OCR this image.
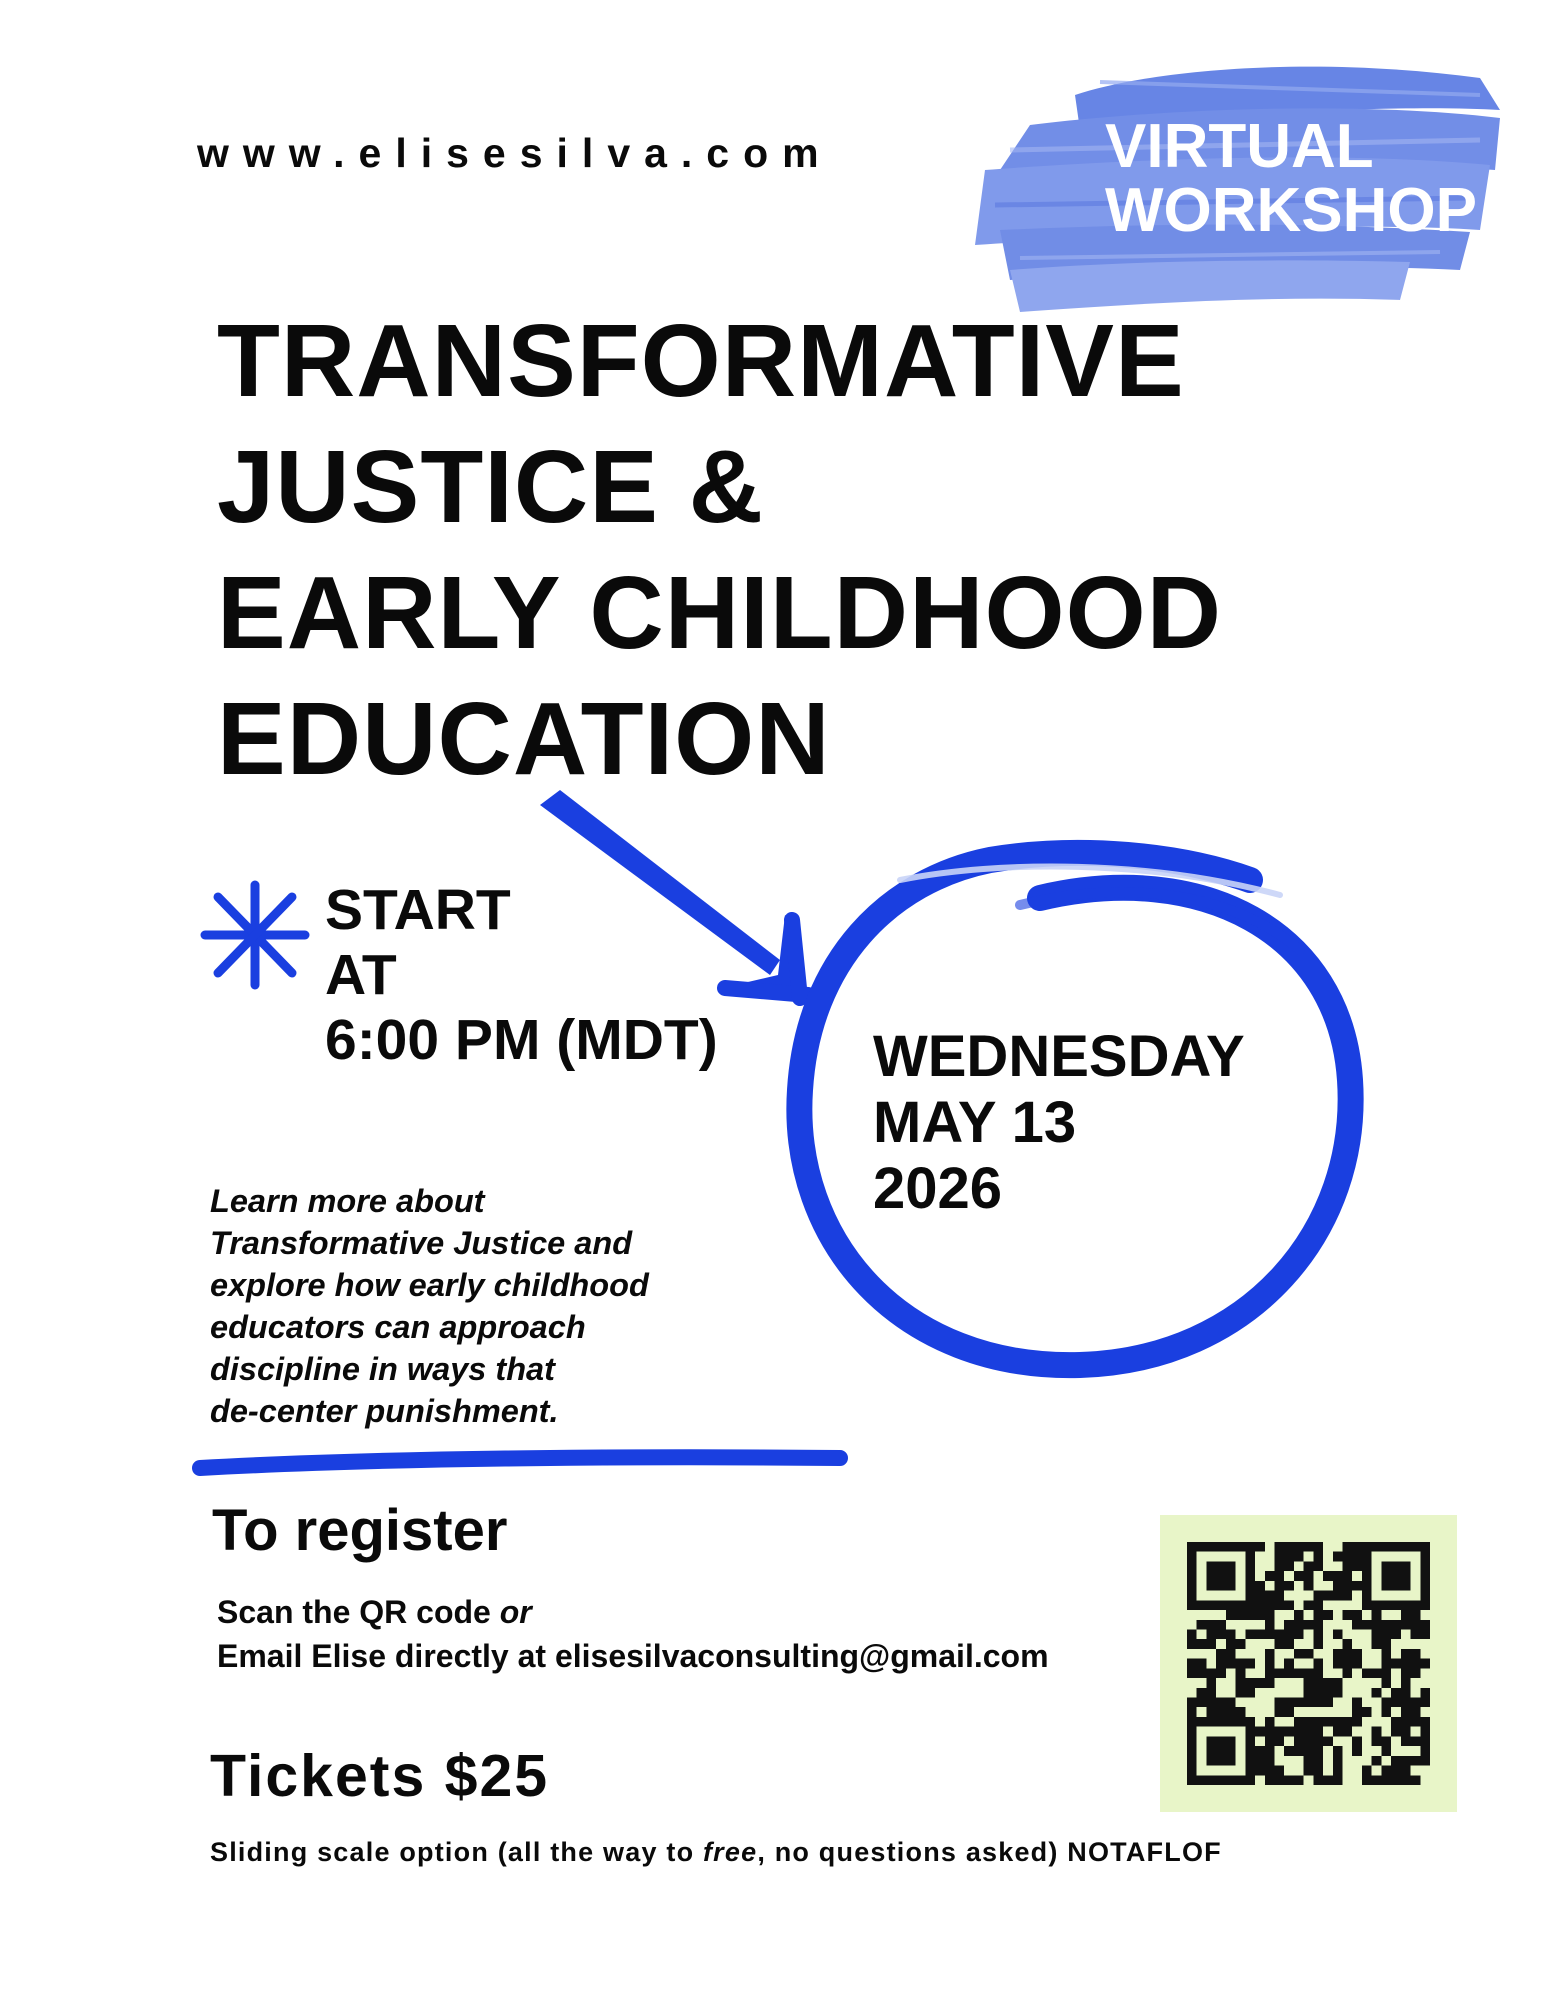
www.elisesilva.com	VIRTUAL
WORKSHOP
TRANSFORMATIVE
JUSTICE &
EARLY CHILDHOOD
EDUCATION
START
AT
6:00 PM (MDT)	WEDNESDAY
MAY 13
2026
Learn more about
Transformative Justice and
explore how early childhood
educators can approach
discipline in ways that
de-center punishment.
To register
Scan the QR code or
Email Elise directly at elisesilvaconsulting@gmail.com
Tickets $25
Sliding scale option (all the way to free, no questions asked) NOTAFLOF
